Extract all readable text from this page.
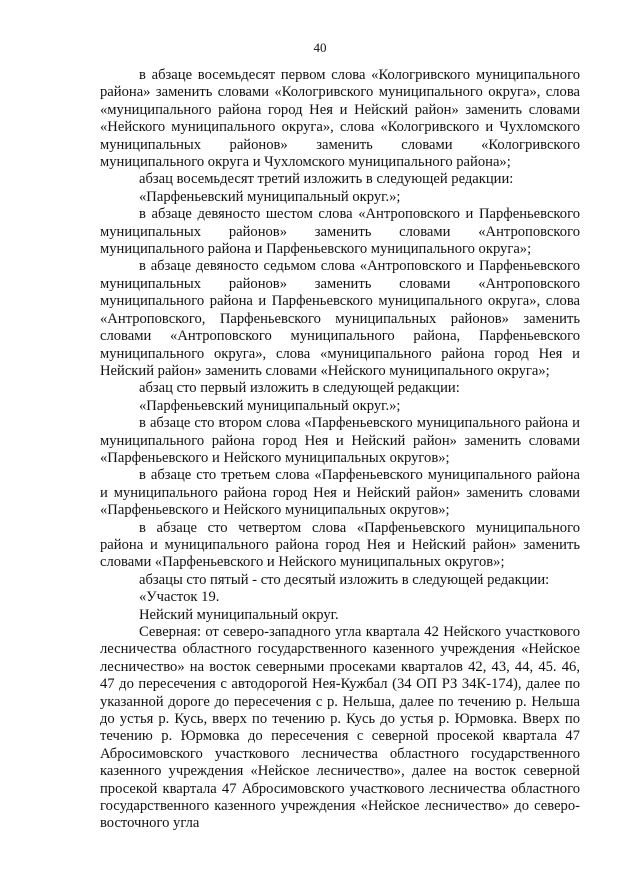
40

в абзаце восемьдесят первом слова «Кологривского муниципального района» заменить словами «Кологривского муниципального округа», слова «муниципального района город Нея и Нейский район» заменить словами «Нейского муниципального округа», слова «Кологривского и Чухломского муниципальных районов» заменить словами «Кологривского муниципального округа и Чухломского муниципального района»;

абзац восемьдесят третий изложить в следующей редакции:

«Парфеньевский муниципальный округ.»;

в абзаце девяносто шестом слова «Антроповского и Парфеньевского муниципальных районов» заменить словами «Антроповского муниципального района и Парфеньевского муниципального округа»;

в абзаце девяносто седьмом слова «Антроповского и Парфеньевского муниципальных районов» заменить словами «Антроповского муниципального района и Парфеньевского муниципального округа», слова «Антроповского, Парфеньевского муниципальных районов» заменить словами «Антроповского муниципального района, Парфеньевского муниципального округа», слова «муниципального района город Нея и Нейский район» заменить словами «Нейского муниципального округа»;

абзац сто первый изложить в следующей редакции:

«Парфеньевский муниципальный округ.»;

в абзаце сто втором слова «Парфеньевского муниципального района и муниципального района город Нея и Нейский район» заменить словами «Парфеньевского и Нейского муниципальных округов»;

в абзаце сто третьем слова «Парфеньевского муниципального района и муниципального района город Нея и Нейский район» заменить словами «Парфеньевского и Нейского муниципальных округов»;

в абзаце сто четвертом слова «Парфеньевского муниципального района и муниципального района город Нея и Нейский район» заменить словами «Парфеньевского и Нейского муниципальных округов»;

абзацы сто пятый - сто десятый изложить в следующей редакции:

«Участок 19.

Нейский муниципальный округ.

Северная: от северо-западного угла квартала 42 Нейского участкового лесничества областного государственного казенного учреждения «Нейское лесничество» на восток северными просеками кварталов 42, 43, 44, 45. 46, 47 до пересечения с автодорогой Нея-Кужбал (34 ОП РЗ 34К-174), далее по указанной дороге до пересечения с р. Нельша, далее по течению р. Нельша до устья р. Кусь, вверх по течению р. Кусь до устья р. Юрмовка. Вверх по течению р. Юрмовка до пересечения с северной просекой квартала 47 Абросимовского участкового лесничества областного государственного казенного учреждения «Нейское лесничество», далее на восток северной просекой квартала 47 Абросимовского участкового лесничества областного государственного казенного учреждения «Нейское лесничество» до северо-восточного угла
